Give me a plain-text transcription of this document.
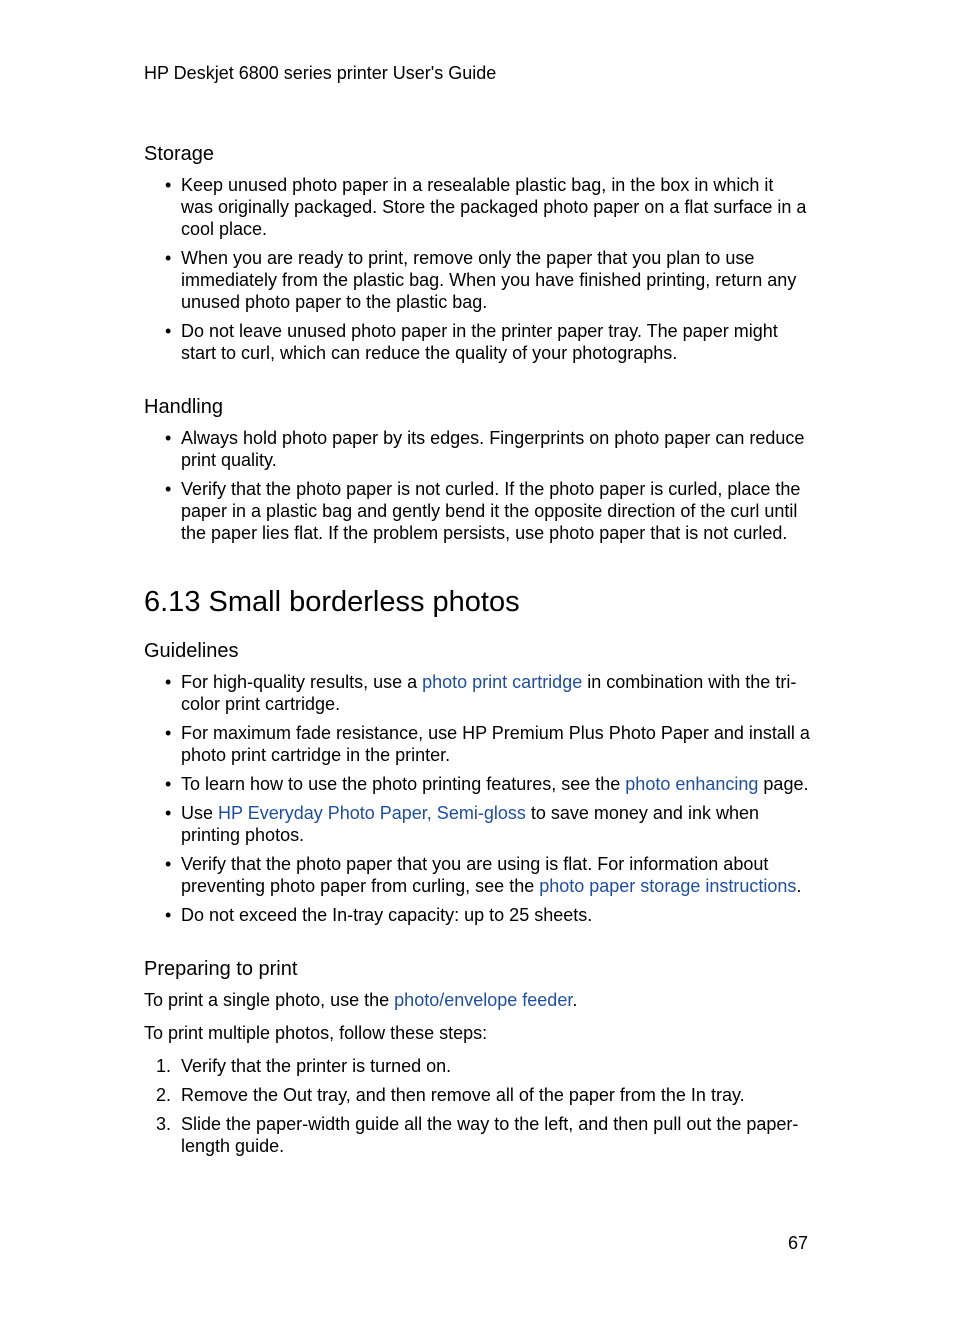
HP Deskjet 6800 series printer User's Guide
Storage
• Keep unused photo paper in a resealable plastic bag, in the box in which it was originally packaged. Store the packaged photo paper on a flat surface in a cool place.
• When you are ready to print, remove only the paper that you plan to use immediately from the plastic bag. When you have finished printing, return any unused photo paper to the plastic bag.
• Do not leave unused photo paper in the printer paper tray. The paper might start to curl, which can reduce the quality of your photographs.
Handling
• Always hold photo paper by its edges. Fingerprints on photo paper can reduce print quality.
• Verify that the photo paper is not curled. If the photo paper is curled, place the paper in a plastic bag and gently bend it the opposite direction of the curl until the paper lies flat. If the problem persists, use photo paper that is not curled.
6.13 Small borderless photos
Guidelines
• For high-quality results, use a photo print cartridge in combination with the tri-color print cartridge.
• For maximum fade resistance, use HP Premium Plus Photo Paper and install a photo print cartridge in the printer.
• To learn how to use the photo printing features, see the photo enhancing page.
• Use HP Everyday Photo Paper, Semi-gloss to save money and ink when printing photos.
• Verify that the photo paper that you are using is flat. For information about preventing photo paper from curling, see the photo paper storage instructions.
• Do not exceed the In-tray capacity: up to 25 sheets.
Preparing to print

To print a single photo, use the photo/envelope feeder.

To print multiple photos, follow these steps:

1. Verify that the printer is turned on.
2. Remove the Out tray, and then remove all of the paper from the In tray.
3. Slide the paper-width guide all the way to the left, and then pull out the paper-length guide.
67
